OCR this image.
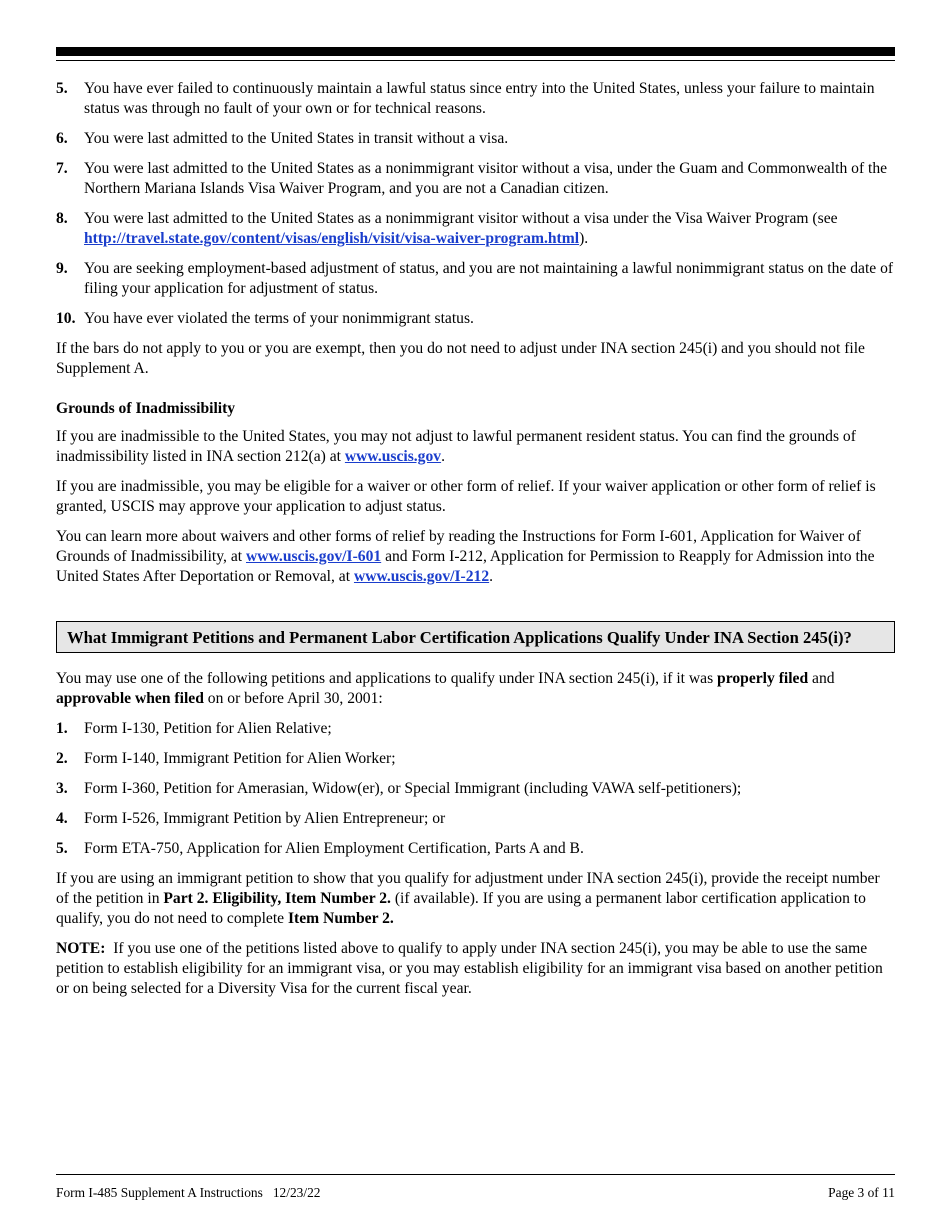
5.	You have ever failed to continuously maintain a lawful status since entry into the United States, unless your failure to maintain status was through no fault of your own or for technical reasons.
6.	You were last admitted to the United States in transit without a visa.
7.	You were last admitted to the United States as a nonimmigrant visitor without a visa, under the Guam and Commonwealth of the Northern Mariana Islands Visa Waiver Program, and you are not a Canadian citizen.
8.	You were last admitted to the United States as a nonimmigrant visitor without a visa under the Visa Waiver Program (see http://travel.state.gov/content/visas/english/visit/visa-waiver-program.html).
9.	You are seeking employment-based adjustment of status, and you are not maintaining a lawful nonimmigrant status on the date of filing your application for adjustment of status.
10. You have ever violated the terms of your nonimmigrant status.

If the bars do not apply to you or you are exempt, then you do not need to adjust under INA section 245(i) and you should not file Supplement A.

Grounds of Inadmissibility

If you are inadmissible to the United States, you may not adjust to lawful permanent resident status. You can find the grounds of inadmissibility listed in INA section 212(a) at www.uscis.gov.

If you are inadmissible, you may be eligible for a waiver or other form of relief. If your waiver application or other form of relief is granted, USCIS may approve your application to adjust status.

You can learn more about waivers and other forms of relief by reading the Instructions for Form I-601, Application for Waiver of Grounds of Inadmissibility, at www.uscis.gov/I-601 and Form I-212, Application for Permission to Reapply for Admission into the United States After Deportation or Removal, at www.uscis.gov/I-212.

What Immigrant Petitions and Permanent Labor Certification Applications Qualify Under INA Section 245(i)?

You may use one of the following petitions and applications to qualify under INA section 245(i), if it was properly filed and approvable when filed on or before April 30, 2001:

1.	Form I-130, Petition for Alien Relative;
2.	Form I-140, Immigrant Petition for Alien Worker;
3.	Form I-360, Petition for Amerasian, Widow(er), or Special Immigrant (including VAWA self-petitioners);
4.	Form I-526, Immigrant Petition by Alien Entrepreneur; or
5.	Form ETA-750, Application for Alien Employment Certification, Parts A and B.

If you are using an immigrant petition to show that you qualify for adjustment under INA section 245(i), provide the receipt number of the petition in Part 2. Eligibility, Item Number 2. (if available). If you are using a permanent labor certification application to qualify, you do not need to complete Item Number 2.

NOTE:  If you use one of the petitions listed above to qualify to apply under INA section 245(i), you may be able to use the same petition to establish eligibility for an immigrant visa, or you may establish eligibility for an immigrant visa based on another petition or on being selected for a Diversity Visa for the current fiscal year.

Form I-485 Supplement A Instructions   12/23/22	Page 3 of 11
